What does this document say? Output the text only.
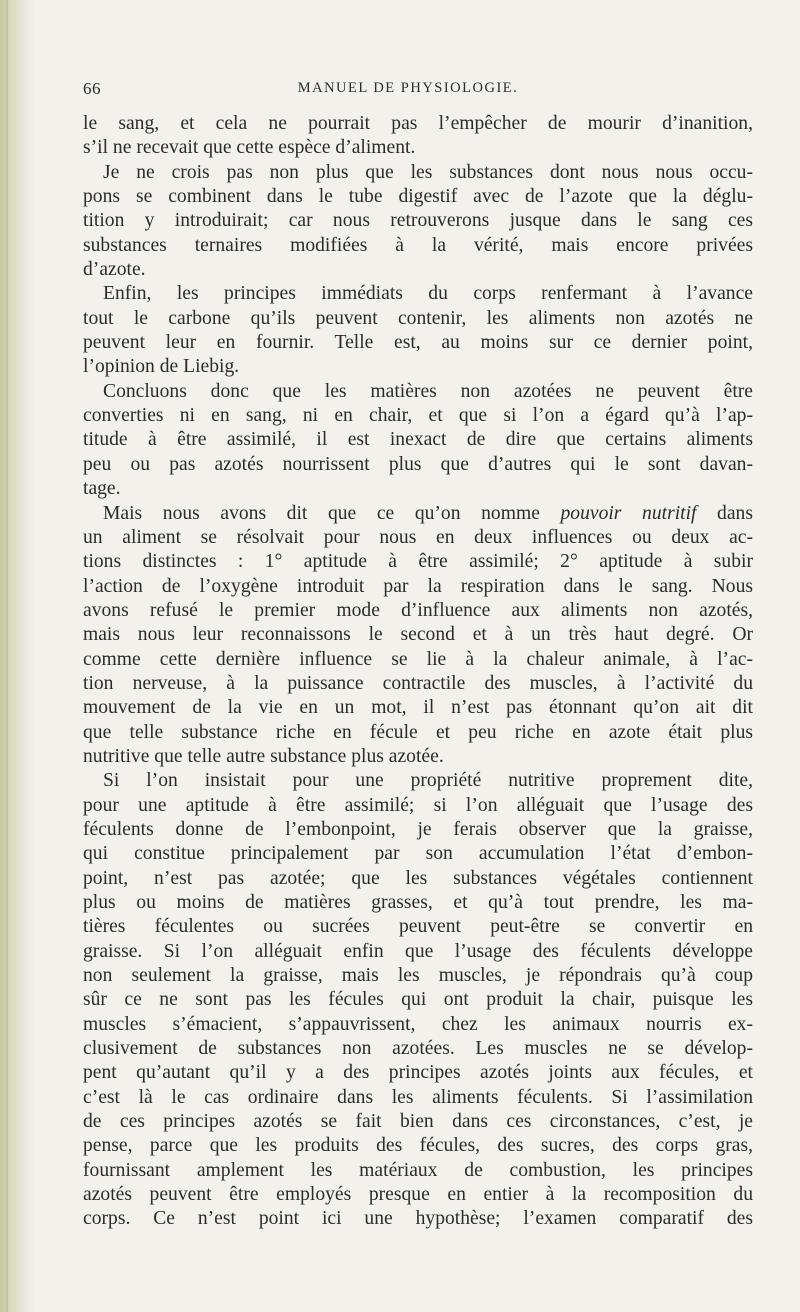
66	MANUEL DE PHYSIOLOGIE.
le sang, et cela ne pourrait pas l’empêcher de mourir d’inanition,
s’il ne recevait que cette espèce d’aliment.
Je ne crois pas non plus que les substances dont nous nous occu-
pons se combinent dans le tube digestif avec de l’azote que la déglu-
tition y introduirait; car nous retrouverons jusque dans le sang ces
substances ternaires modifiées à la vérité, mais encore privées
d’azote.
Enfin, les principes immédiats du corps renfermant à l’avance
tout le carbone qu’ils peuvent contenir, les aliments non azotés ne
peuvent leur en fournir. Telle est, au moins sur ce dernier point,
l’opinion de Liebig.
Concluons donc que les matières non azotées ne peuvent être
converties ni en sang, ni en chair, et que si l’on a égard qu’à l’ap-
titude à être assimilé, il est inexact de dire que certains aliments
peu ou pas azotés nourrissent plus que d’autres qui le sont davan-
tage.
Mais nous avons dit que ce qu’on nomme pouvoir nutritif dans
un aliment se résolvait pour nous en deux influences ou deux ac-
tions distinctes : 1° aptitude à être assimilé; 2° aptitude à subir
l’action de l’oxygène introduit par la respiration dans le sang. Nous
avons refusé le premier mode d’influence aux aliments non azotés,
mais nous leur reconnaissons le second et à un très haut degré. Or
comme cette dernière influence se lie à la chaleur animale, à l’ac-
tion nerveuse, à la puissance contractile des muscles, à l’activité du
mouvement de la vie en un mot, il n’est pas étonnant qu’on ait dit
que telle substance riche en fécule et peu riche en azote était plus
nutritive que telle autre substance plus azotée.
Si l’on insistait pour une propriété nutritive proprement dite,
pour une aptitude à être assimilé; si l’on alléguait que l’usage des
féculents donne de l’embonpoint, je ferais observer que la graisse,
qui constitue principalement par son accumulation l’état d’embon-
point, n’est pas azotée; que les substances végétales contiennent
plus ou moins de matières grasses, et qu’à tout prendre, les ma-
tières féculentes ou sucrées peuvent peut-être se convertir en
graisse. Si l’on alléguait enfin que l’usage des féculents développe
non seulement la graisse, mais les muscles, je répondrais qu’à coup
sûr ce ne sont pas les fécules qui ont produit la chair, puisque les
muscles s’émacient, s’appauvrissent, chez les animaux nourris ex-
clusivement de substances non azotées. Les muscles ne se dévelop-
pent qu’autant qu’il y a des principes azotés joints aux fécules, et
c’est là le cas ordinaire dans les aliments féculents. Si l’assimilation
de ces principes azotés se fait bien dans ces circonstances, c’est, je
pense, parce que les produits des fécules, des sucres, des corps gras,
fournissant amplement les matériaux de combustion, les principes
azotés peuvent être employés presque en entier à la recomposition du
corps. Ce n’est point ici une hypothèse; l’examen comparatif des
